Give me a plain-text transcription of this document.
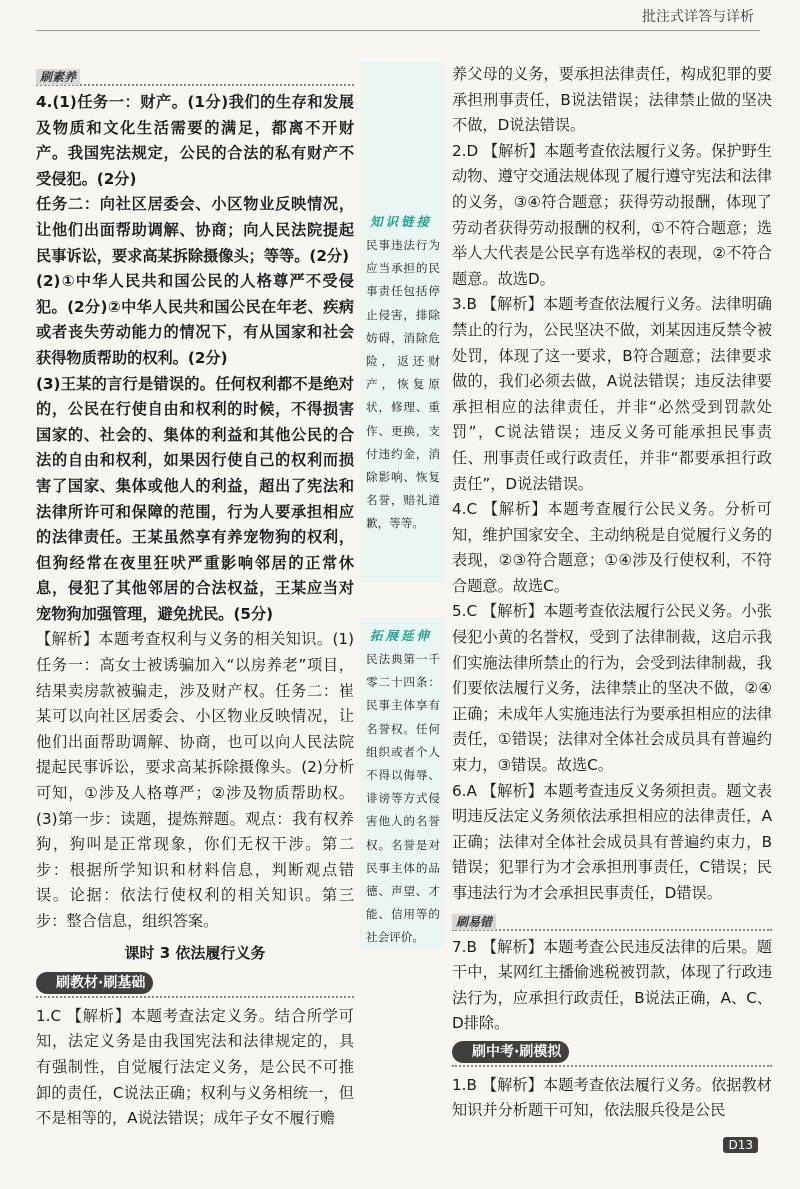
批注式详答与详析
刷素养

4.(1)任务一：财产。(1分)我们的生存和发展及物质和文化生活需要的满足，都离不开财产。我国宪法规定，公民的合法的私有财产不受侵犯。(2分)

任务二：向社区居委会、小区物业反映情况，让他们出面帮助调解、协商；向人民法院提起民事诉讼，要求高某拆除摄像头；等等。(2分)

(2)①中华人民共和国公民的人格尊严不受侵犯。(2分)②中华人民共和国公民在年老、疾病或者丧失劳动能力的情况下，有从国家和社会获得物质帮助的权利。(2分)

(3)王某的言行是错误的。任何权利都不是绝对的，公民在行使自由和权利的时候，不得损害国家的、社会的、集体的利益和其他公民的合法的自由和权利，如果因行使自己的权利而损害了国家、集体或他人的利益，超出了宪法和法律所许可和保障的范围，行为人要承担相应的法律责任。王某虽然享有养宠物狗的权利，但狗经常在夜里狂吠严重影响邻居的正常休息，侵犯了其他邻居的合法权益，王某应当对宠物狗加强管理，避免扰民。(5分)

【解析】本题考查权利与义务的相关知识。(1)任务一：高女士被诱骗加入“以房养老”项目，结果卖房款被骗走，涉及财产权。任务二：崔某可以向社区居委会、小区物业反映情况，让他们出面帮助调解、协商，也可以向人民法院提起民事诉讼，要求高某拆除摄像头。(2)分析可知，①涉及人格尊严；②涉及物质帮助权。(3)第一步：读题，提炼辩题。观点：我有权养狗，狗叫是正常现象，你们无权干涉。第二步：根据所学知识和材料信息，判断观点错误。论据：依法行使权利的相关知识。第三步：整合信息，组织答案。

课时 3 依法履行义务
刷教材·刷基础

1.C 【解析】本题考查法定义务。结合所学可知，法定义务是由我国宪法和法律规定的，具有强制性，自觉履行法定义务，是公民不可推卸的责任，C说法正确；权利与义务相统一，但不是相等的，A说法错误；成年子女不履行赡

知识链接
民事违法行为应当承担的民事责任包括停止侵害，排除妨碍，消除危险，返还财产，恢复原状，修理、重作、更换，支付违约金，消除影响、恢复名誉，赔礼道歉，等等。
拓展延伸
民法典第一千零二十四条：民事主体享有名誉权。任何组织或者个人不得以侮辱、诽谤等方式侵害他人的名誉权。名誉是对民事主体的品德、声望、才能、信用等的社会评价。

养父母的义务，要承担法律责任，构成犯罪的要承担刑事责任，B说法错误；法律禁止做的坚决不做，D说法错误。

2.D 【解析】本题考查依法履行义务。保护野生动物、遵守交通法规体现了履行遵守宪法和法律的义务，③④符合题意；获得劳动报酬，体现了劳动者获得劳动报酬的权利，①不符合题意；选举人大代表是公民享有选举权的表现，②不符合题意。故选D。

3.B 【解析】本题考查依法履行义务。法律明确禁止的行为，公民坚决不做，刘某因违反禁令被处罚，体现了这一要求，B符合题意；法律要求做的，我们必须去做，A说法错误；违反法律要承担相应的法律责任，并非“必然受到罚款处罚”，C说法错误；违反义务可能承担民事责任、刑事责任或行政责任，并非“都要承担行政责任”，D说法错误。

4.C 【解析】本题考查履行公民义务。分析可知，维护国家安全、主动纳税是自觉履行义务的表现，②③符合题意；①④涉及行使权利，不符合题意。故选C。

5.C 【解析】本题考查依法履行公民义务。小张侵犯小黄的名誉权，受到了法律制裁，这启示我们实施法律所禁止的行为，会受到法律制裁，我们要依法履行义务，法律禁止的坚决不做，②④正确；未成年人实施违法行为要承担相应的法律责任，①错误；法律对全体社会成员具有普遍约束力，③错误。故选C。

6.A 【解析】本题考查违反义务须担责。题文表明违反法定义务须依法承担相应的法律责任，A正确；法律对全体社会成员具有普遍约束力，B错误；犯罪行为才会承担刑事责任，C错误；民事违法行为才会承担民事责任，D错误。

刷易错

7.B 【解析】本题考查公民违反法律的后果。题干中，某网红主播偷逃税被罚款，体现了行政违法行为，应承担行政责任，B说法正确，A、C、D排除。

刷中考·刷模拟

1.B 【解析】本题考查依法履行义务。依据教材知识并分析题干可知，依法服兵役是公民

D13
